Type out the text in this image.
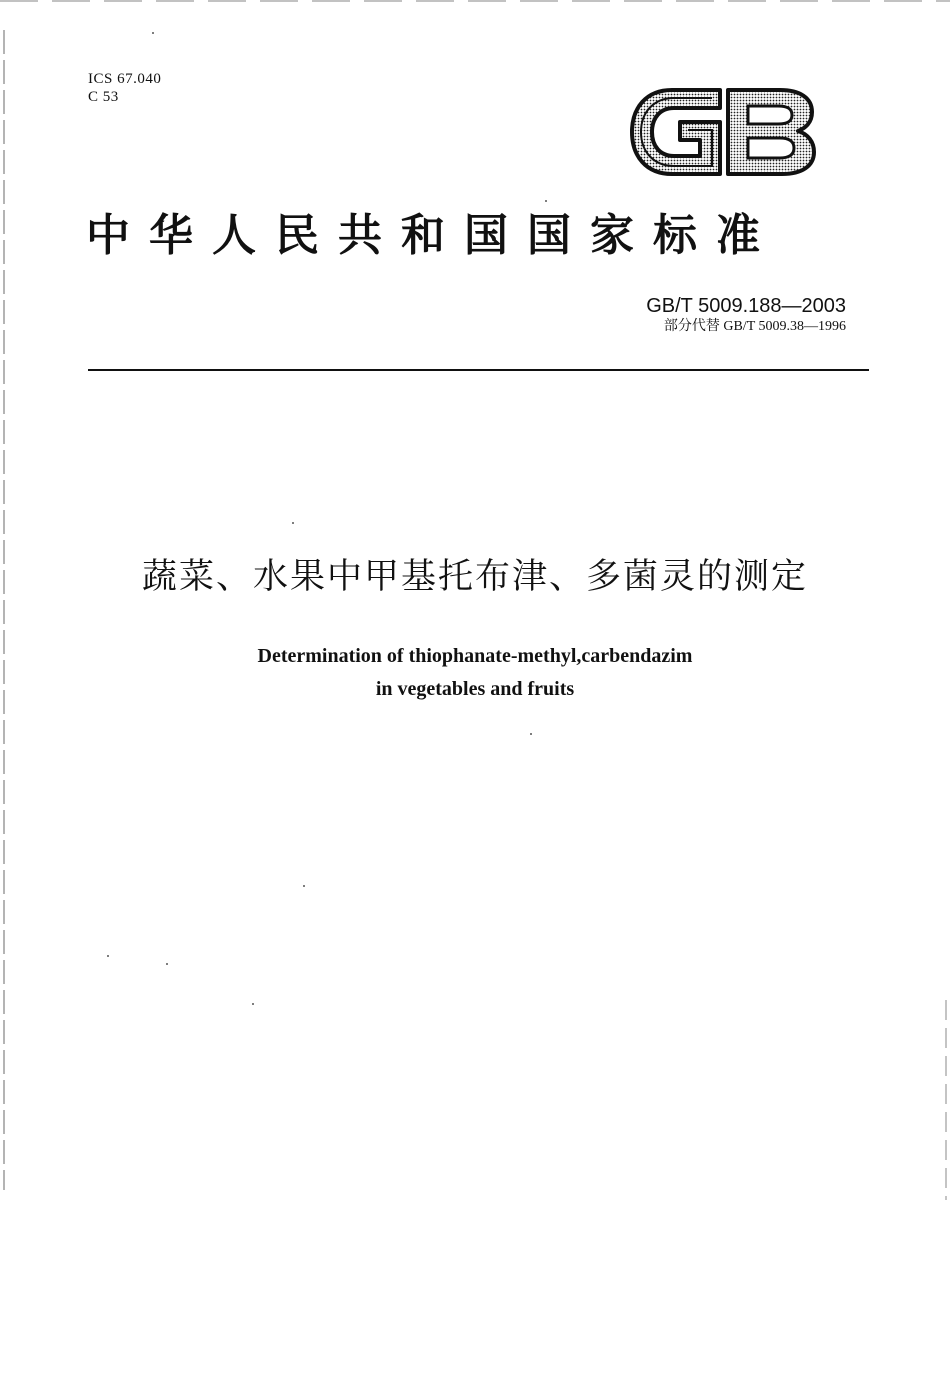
ICS 67.040
C 53
中华人民共和国国家标准
GB/T 5009.188—2003
部分代替 GB/T 5009.38—1996
蔬菜、水果中甲基托布津、多菌灵的测定
Determination of thiophanate-methyl,carbendazim
in vegetables and fruits
